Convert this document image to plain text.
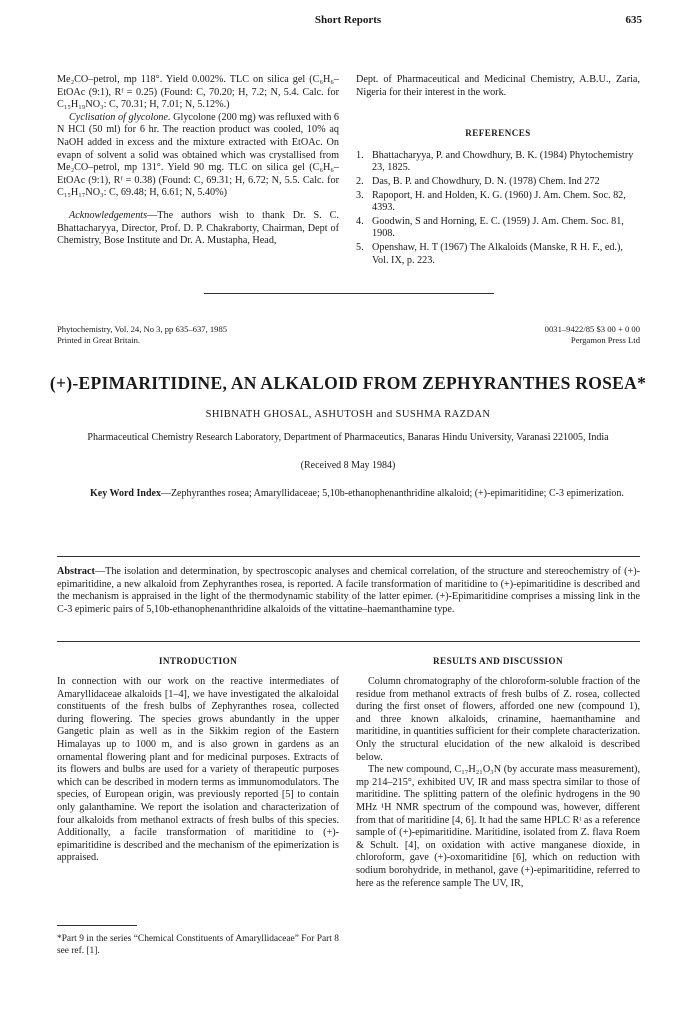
Short Reports	635

Me₂CO–petrol, mp 118°. Yield 0.002%. TLC on silica gel (C₆H₆–EtOAc (9:1), Rᶠ = 0.25) (Found: C, 70.20; H, 7.2; N, 5.4. Calc. for C₁₅H₁₉NO₃: C, 70.31; H, 7.01; N, 5.12%.)

Cyclisation of glycolone. Glycolone (200 mg) was refluxed with 6 N HCl (50 ml) for 6 hr. The reaction product was cooled, 10% aq NaOH added in excess and the mixture extracted with EtOAc. On evapn of solvent a solid was obtained which was crystallised from Me₂CO–petrol, mp 131°. Yield 90 mg. TLC on silica gel (C₆H₆–EtOAc (9:1), Rᶠ = 0.38) (Found: C, 69.31; H, 6.72; N, 5.5. Calc. for C₁₅H₁₇NO₃: C, 69.48; H, 6.61; N, 5.40%)

Acknowledgements—The authors wish to thank Dr. S. C. Bhattacharyya, Director, Prof. D. P. Chakraborty, Chairman, Dept of Chemistry, Bose Institute and Dr. A. Mustapha, Head,

Dept. of Pharmaceutical and Medicinal Chemistry, A.B.U., Zaria, Nigeria for their interest in the work.

REFERENCES
1. Bhattacharyya, P. and Chowdhury, B. K. (1984) Phytochemistry 23, 1825.
2. Das, B. P. and Chowdhury, D. N. (1978) Chem. Ind 272
3. Rapoport, H. and Holden, K. G. (1960) J. Am. Chem. Soc. 82, 4393.
4. Goodwin, S and Horning, E. C. (1959) J. Am. Chem. Soc. 81, 1908.
5. Openshaw, H. T (1967) The Alkaloids (Manske, R H. F., ed.), Vol. IX, p. 223.
Phytochemistry, Vol. 24, No 3, pp 635–637, 1985
Printed in Great Britain.
0031–9422/85 $3 00 + 0 00
Pergamon Press Ltd
(+)-EPIMARITIDINE, AN ALKALOID FROM ZEPHYRANTHES ROSEA*
SHIBNATH GHOSAL, ASHUTOSH and SUSHMA RAZDAN
Pharmaceutical Chemistry Research Laboratory, Department of Pharmaceutics, Banaras Hindu University, Varanasi 221005, India
(Received 8 May 1984)
Key Word Index—Zephyranthes rosea; Amaryllidaceae; 5,10b-ethanophenanthridine alkaloid; (+)-epimaritidine; C-3 epimerization.
Abstract—The isolation and determination, by spectroscopic analyses and chemical correlation, of the structure and stereochemistry of (+)-epimaritidine, a new alkaloid from Zephyranthes rosea, is reported. A facile transformation of maritidine to (+)-epimaritidine is described and the mechanism is appraised in the light of the thermodynamic stability of the latter epimer. (+)-Epimaritidine comprises a missing link in the C-3 epimeric pairs of 5,10b-ethanophenanthridine alkaloids of the vittatine–haemanthamine type.
INTRODUCTION	RESULTS AND DISCUSSION

In connection with our work on the reactive intermediates of Amaryllidaceae alkaloids [1–4], we have investigated the alkaloidal constituents of the fresh bulbs of Zephyranthes rosea, collected during flowering. The species grows abundantly in the upper Gangetic plain as well as in the Sikkim region of the Eastern Himalayas up to 1000 m, and is also grown in gardens as an ornamental flowering plant and for medicinal purposes. Extracts of its flowers and bulbs are used for a variety of therapeutic purposes which can be described in modern terms as immunomodulators. The species, of European origin, was previously reported [5] to contain only galanthamine. We report the isolation and characterization of four alkaloids from methanol extracts of fresh bulbs of this species. Additionally, a facile transformation of maritidine to (+)-epimaritidine is described and the mechanism of the epimerization is appraised.

Column chromatography of the chloroform-soluble fraction of the residue from methanol extracts of fresh bulbs of Z. rosea, collected during the first onset of flowers, afforded one new (compound 1), and three known alkaloids, crinamine, haemanthamine and maritidine, in quantities sufficient for their complete characterization. Only the structural elucidation of the new alkaloid is described below.

The new compound, C₁₇H₂₁O₃N (by accurate mass measurement), mp 214–215°, exhibited UV, IR and mass spectra similar to those of maritidine. The splitting pattern of the olefinic hydrogens in the 90 MHz ¹H NMR spectrum of the compound was, however, different from that of maritidine [4, 6]. It had the same HPLC Rᵗ as a reference sample of (+)-epimaritidine. Maritidine, isolated from Z. flava Roem & Schult. [4], on oxidation with active manganese dioxide, in chloroform, gave (+)-oxomaritidine [6], which on reduction with sodium borohydride, in methanol, gave (+)-epimaritidine, referred to here as the reference sample The UV, IR,

*Part 9 in the series “Chemical Constituents of Amaryllidaceae” For Part 8 see ref. [1].
